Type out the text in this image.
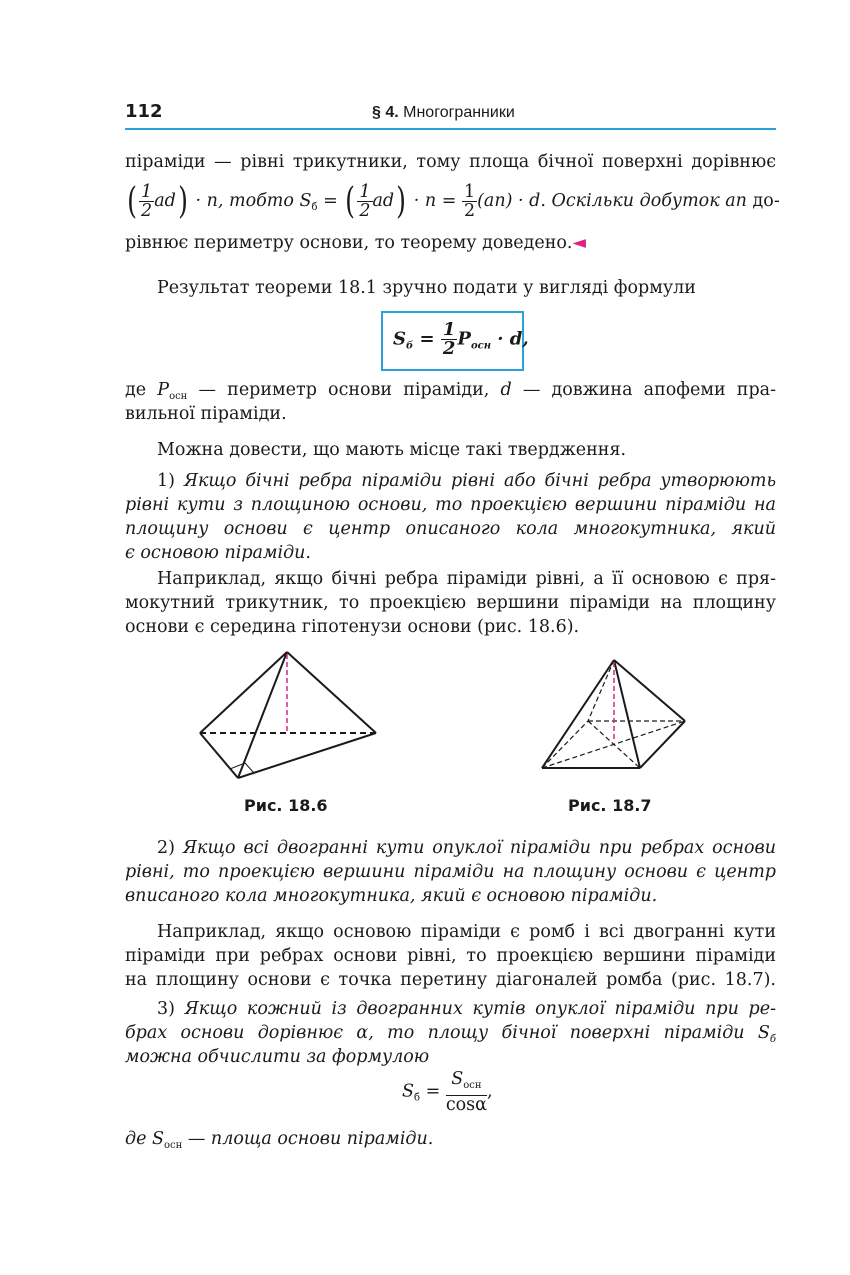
112	§ 4. Многогранники
піраміди — рівні трикутники, тому площа бічної поверхні дорівнює
( $\frac{1}{2} ad) \cdot n$, тобто $S_б$ = ( $\frac{1}{2} ad) \cdot n = \frac{1}{2} (an) \cdot d$. Оскільки добуток an до-
рівнює периметру основи, то теорему доведено.◄
Результат теореми 18.1 зручно подати у вигляді формули
$S_б = \frac{1}{2} P_{осн} \cdot d$,
де $P_{осн}$ — периметр основи піраміди, d — довжина апофеми пра-
вильної піраміди.
Можна довести, що мають місце такі твердження.
1) Якщо бічні ребра піраміди рівні або бічні ребра утворюють
рівні кути з площиною основи, то проекцією вершини піраміди на
площину основи є центр описаного кола многокутника, який
є основою піраміди.
Наприклад, якщо бічні ребра піраміди рівні, а її основою є пря-
мокутний трикутник, то проекцією вершини піраміди на площину
основи є середина гіпотенузи основи (рис. 18.6).
Рис. 18.6	Рис. 18.7
2) Якщо всі двогранні кути опуклої піраміди при ребрах основи
рівні, то проекцією вершини піраміди на площину основи є центр
вписаного кола многокутника, який є основою піраміди.
Наприклад, якщо основою піраміди є ромб і всі двогранні кути
піраміди при ребрах основи рівні, то проекцією вершини піраміди
на площину основи є точка перетину діагоналей ромба (рис. 18.7).
3) Якщо кожний із двогранних кутів опуклої піраміди при ре-
брах основи дорівнює α, то площу бічної поверхні піраміди $S_б$
можна обчислити за формулою
$S_б = \frac{S_{осн}}{\cos\alpha}$ ,
де $S_{осн}$ — площа основи піраміди.
